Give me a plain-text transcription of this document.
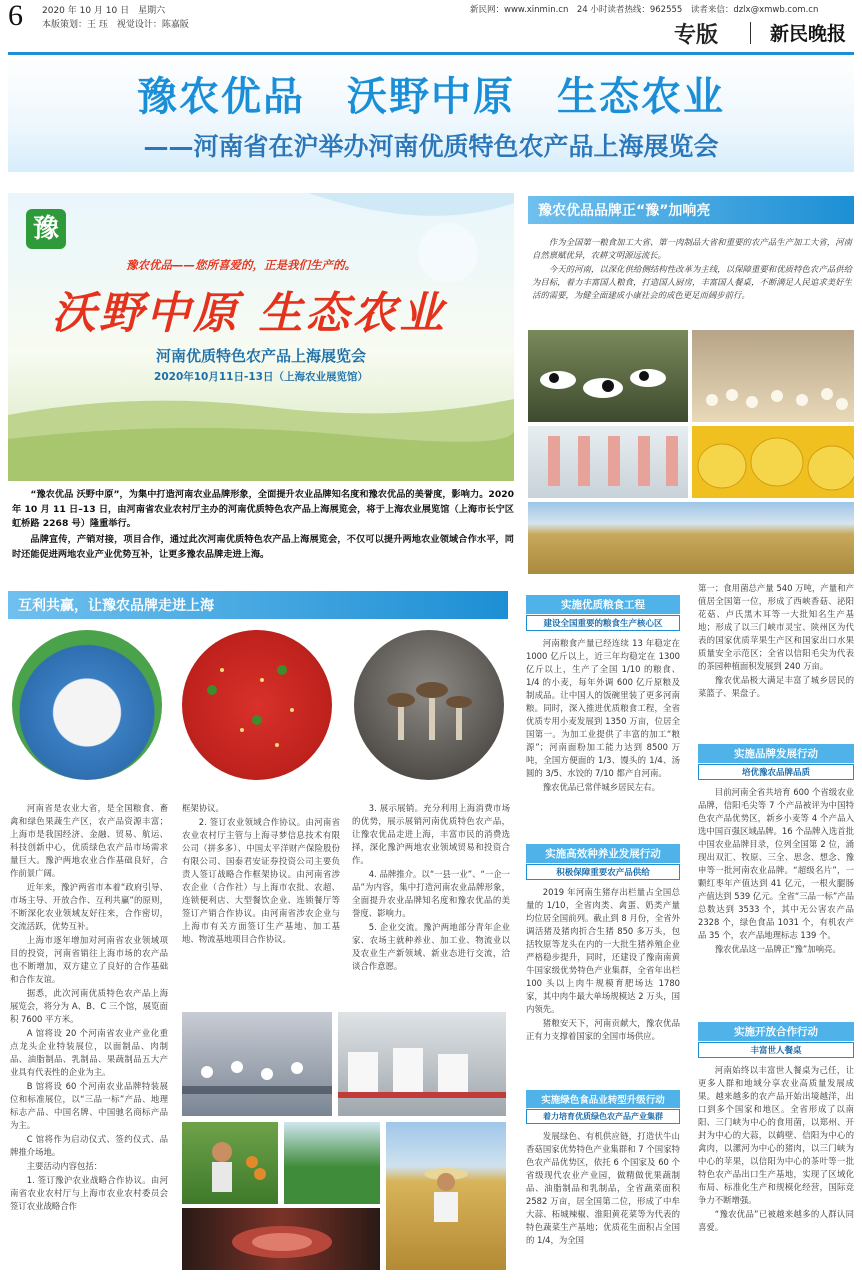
6 2020 年 10 月 10 日　星期六
本版策划：王 珏　视觉设计：陈嘉阪
新民网：www.xinmin.cn　24 小时读者热线：962555　读者来信：dzlx@xmwb.com.cn
专版	新民晚报
豫农优品　沃野中原　生态农业
——河南省在沪举办河南优质特色农产品上海展览会
豫
豫农优品——您所喜爱的，正是我们生产的。
沃野中原 生态农业
河南优质特色农产品上海展览会
2020年10月11日-13日（上海农业展览馆）

“豫农优品 沃野中原”，为集中打造河南农业品牌形象，全面提升农业品牌知名度和豫农优品的美誉度，影响力。2020 年 10 月 11 日–13 日，由河南省农业农村厅主办的河南优质特色农产品上海展览会，将于上海农业展览馆（上海市长宁区虹桥路 2268 号）隆重举行。

品牌宣传，产销对接，项目合作，通过此次河南优质特色农产品上海展览会，不仅可以提升两地农业领域合作水平，同时还能促进两地农业产业优势互补，让更多豫农品牌走进上海。

豫农优品品牌正“豫”加响亮

作为全国第一粮食加工大省、第一肉制品大省和重要的农产品生产加工大省，河南自然禀赋优异，农耕文明源远流长。

今天的河南，以深化供给侧结构性改革为主线，以保障重要和优质特色农产品供给为目标，着力丰富国人粮食，打造国人厨房，丰富国人餐桌，不断满足人民追求美好生活的需要，为健全面建成小康社会的成色更足而阔步前行。

互利共赢，让豫农品牌走进上海

河南省是农业大省，是全国粮食、畜禽和绿色果蔬生产区，农产品资源丰富；上海市是我国经济、金融、贸易、航运、科技创新中心，优质绿色农产品市场需求量巨大。豫沪两地农业合作基础良好，合作前景广阔。

近年来，豫沪两省市本着“政府引导、市场主导、开放合作、互利共赢”的原则，不断深化农业领域友好往来，合作密切，交流活跃，优势互补。

上海市逐年增加对河南省农业领域项目的投资，河南省销往上海市场的农产品也不断增加，双方建立了良好的合作基础和合作友谊。

据悉，此次河南优质特色农产品上海展览会，将分为 A、B、C 三个馆，展览面积 7600 平方米。

A 馆将设 20 个河南省农业产业化重点龙头企业特装展位，以面制品、肉制品、油脂制品、乳制品、果蔬制品五大产业具有代表性的企业为主。

B 馆将设 60 个河南农业品牌特装展位和标准展位，以“三品一标”产品、地理标志产品、中国名牌、中国驰名商标产品为主。

C 馆将作为启动仪式、签约仪式、品牌推介场地。

主要活动内容包括：

1. 签订豫沪农业战略合作协议。由河南省农业农村厅与上海市农业农村委员会签订农业战略合作

框架协议。

2. 签订农业领域合作协议。由河南省农业农村厅主管与上海寻梦信息技术有限公司（拼多多）、中国太平洋财产保险股份有限公司、国泰君安证券投资公司主要负责人签订战略合作框架协议。由河南省涉农企业（合作社）与上海市农批、农超、连锁便利店、大型餐饮企业、连锁餐厅等签订产销合作协议。由河南省涉农企业与上海市有关方面签订生产基地、加工基地、物流基地项目合作协议。

3. 展示展销。充分利用上海消费市场的优势，展示展销河南优质特色农产品，让豫农优品走进上海，丰富市民的消费选择，深化豫沪两地农业领域贸易和投资合作。

4. 品牌推介。以“一县一业”、“一企一品”为内容，集中打造河南农业品牌形象，全面提升农业品牌知名度和豫农优品的美誉度、影响力。

5. 企业交流。豫沪两地部分青年企业家、农场主就种养业、加工业、物流业以及农业生产新领域、新业态进行交流，洽谈合作意愿。

实施优质粮食工程
建设全国重要的粮食生产核心区

河南粮食产量已经连续 13 年稳定在 1000 亿斤以上，近三年均稳定在 1300 亿斤以上，生产了全国 1/10 的粮食、1/4 的小麦，每年外调 600 亿斤原粮及制成品。让中国人的饭碗里装了更多河南粮。同时，深入推进优质粮食工程，全省优质专用小麦发展到 1350 万亩，位居全国第一。为加工业提供了丰富的加工“粮源”；河南面粉加工能力达到 8500 万吨，全国方便面的 1/3、馒头的 1/4、汤圆的 3/5、水饺的 7/10 都产自河南。

豫农优品已常伴城乡居民左右。

实施高效种养业发展行动
积极保障重要农产品供给

2019 年河南生猪存出栏量占全国总量的 1/10，全省肉类、禽蛋、奶类产量均位居全国前列。截止到 8 月份，全省外调活猪及猪肉折合生猪 850 多万头，包括牧原等龙头在内的一大批生猪养殖企业严格稳步提升，同时，还建设了豫南南黄牛国家级优势特色产业集群，全省年出栏 100 头以上肉牛规模育肥场达 1780 家，其中肉牛最大单场规模达 2 万头，国内领先。

猪粮安天下，河南贡献大，豫农优品正有力支撑着国家的全国市场供应。

实施绿色食品业转型升级行动
着力培育优质绿色农产品产业集群

发展绿色、有机供应链，打造伏牛山香菇国家优势特色产业集群和 7 个国家特色农产品优势区，依托 6 个国家及 60 个省级现代农业产业园，做精做优果蔬制品、油脂制品和乳制品，全省蔬菜面积 2582 万亩，居全国第二位，形成了中牟大蒜、柘城辣椒、淮阳黄花菜等为代表的特色蔬菜生产基地；优质花生面积占全国的 1/4，为全国

第一；食用菌总产量 540 万吨，产量和产值居全国第一位，形成了西峡香菇、泌阳花菇、卢氏黑木耳等一大批知名生产基地；形成了以三门峡市灵宝、陕州区为代表的国家优质苹果生产区和国家出口水果质量安全示范区；全省以信阳毛尖为代表的茶园种植面积发展到 240 万亩。

豫农优品极大满足丰富了城乡居民的菜篮子、果盘子。

实施品牌发展行动
培优豫农品牌品质

目前河南全省共培育 600 个省级农业品牌，信阳毛尖等 7 个产品被评为中国特色农产品优势区，新乡小麦等 4 个产品入选中国百强区域品牌。16 个品牌入选首批中国农业品牌目录，位列全国第 2 位，涌现出双汇、牧原、三全、思念、想念、豫申等一批河南农业品牌。“超级名片”，一颗红枣年产值达到 41 亿元，一根火腿肠产值达到 539 亿元。全省“三品一标”产品总数达到 3533 个，其中无公害农产品 2328 个，绿色食品 1031 个，有机农产品 35 个，农产品地理标志 139 个。

豫农优品这一品牌正“豫”加响亮。

实施开放合作行动
丰富世人餐桌

河南始终以丰富世人餐桌为己任，让更多人群和地域分享农业高质量发展成果。越来越多的农产品开始出境越洋，出口到多个国家和地区。全省形成了以南阳、三门峡为中心的食用菌，以郑州、开封为中心的大蒜，以鹤壁、信阳为中心的禽肉，以漯河为中心的猪肉，以三门峡为中心的苹果，以信阳为中心的茶叶等一批特色农产品出口生产基地，实现了区域化布局、标准化生产和规模化经营，国际竞争力不断增强。

“豫农优品”已被越来越多的人群认同喜爱。
